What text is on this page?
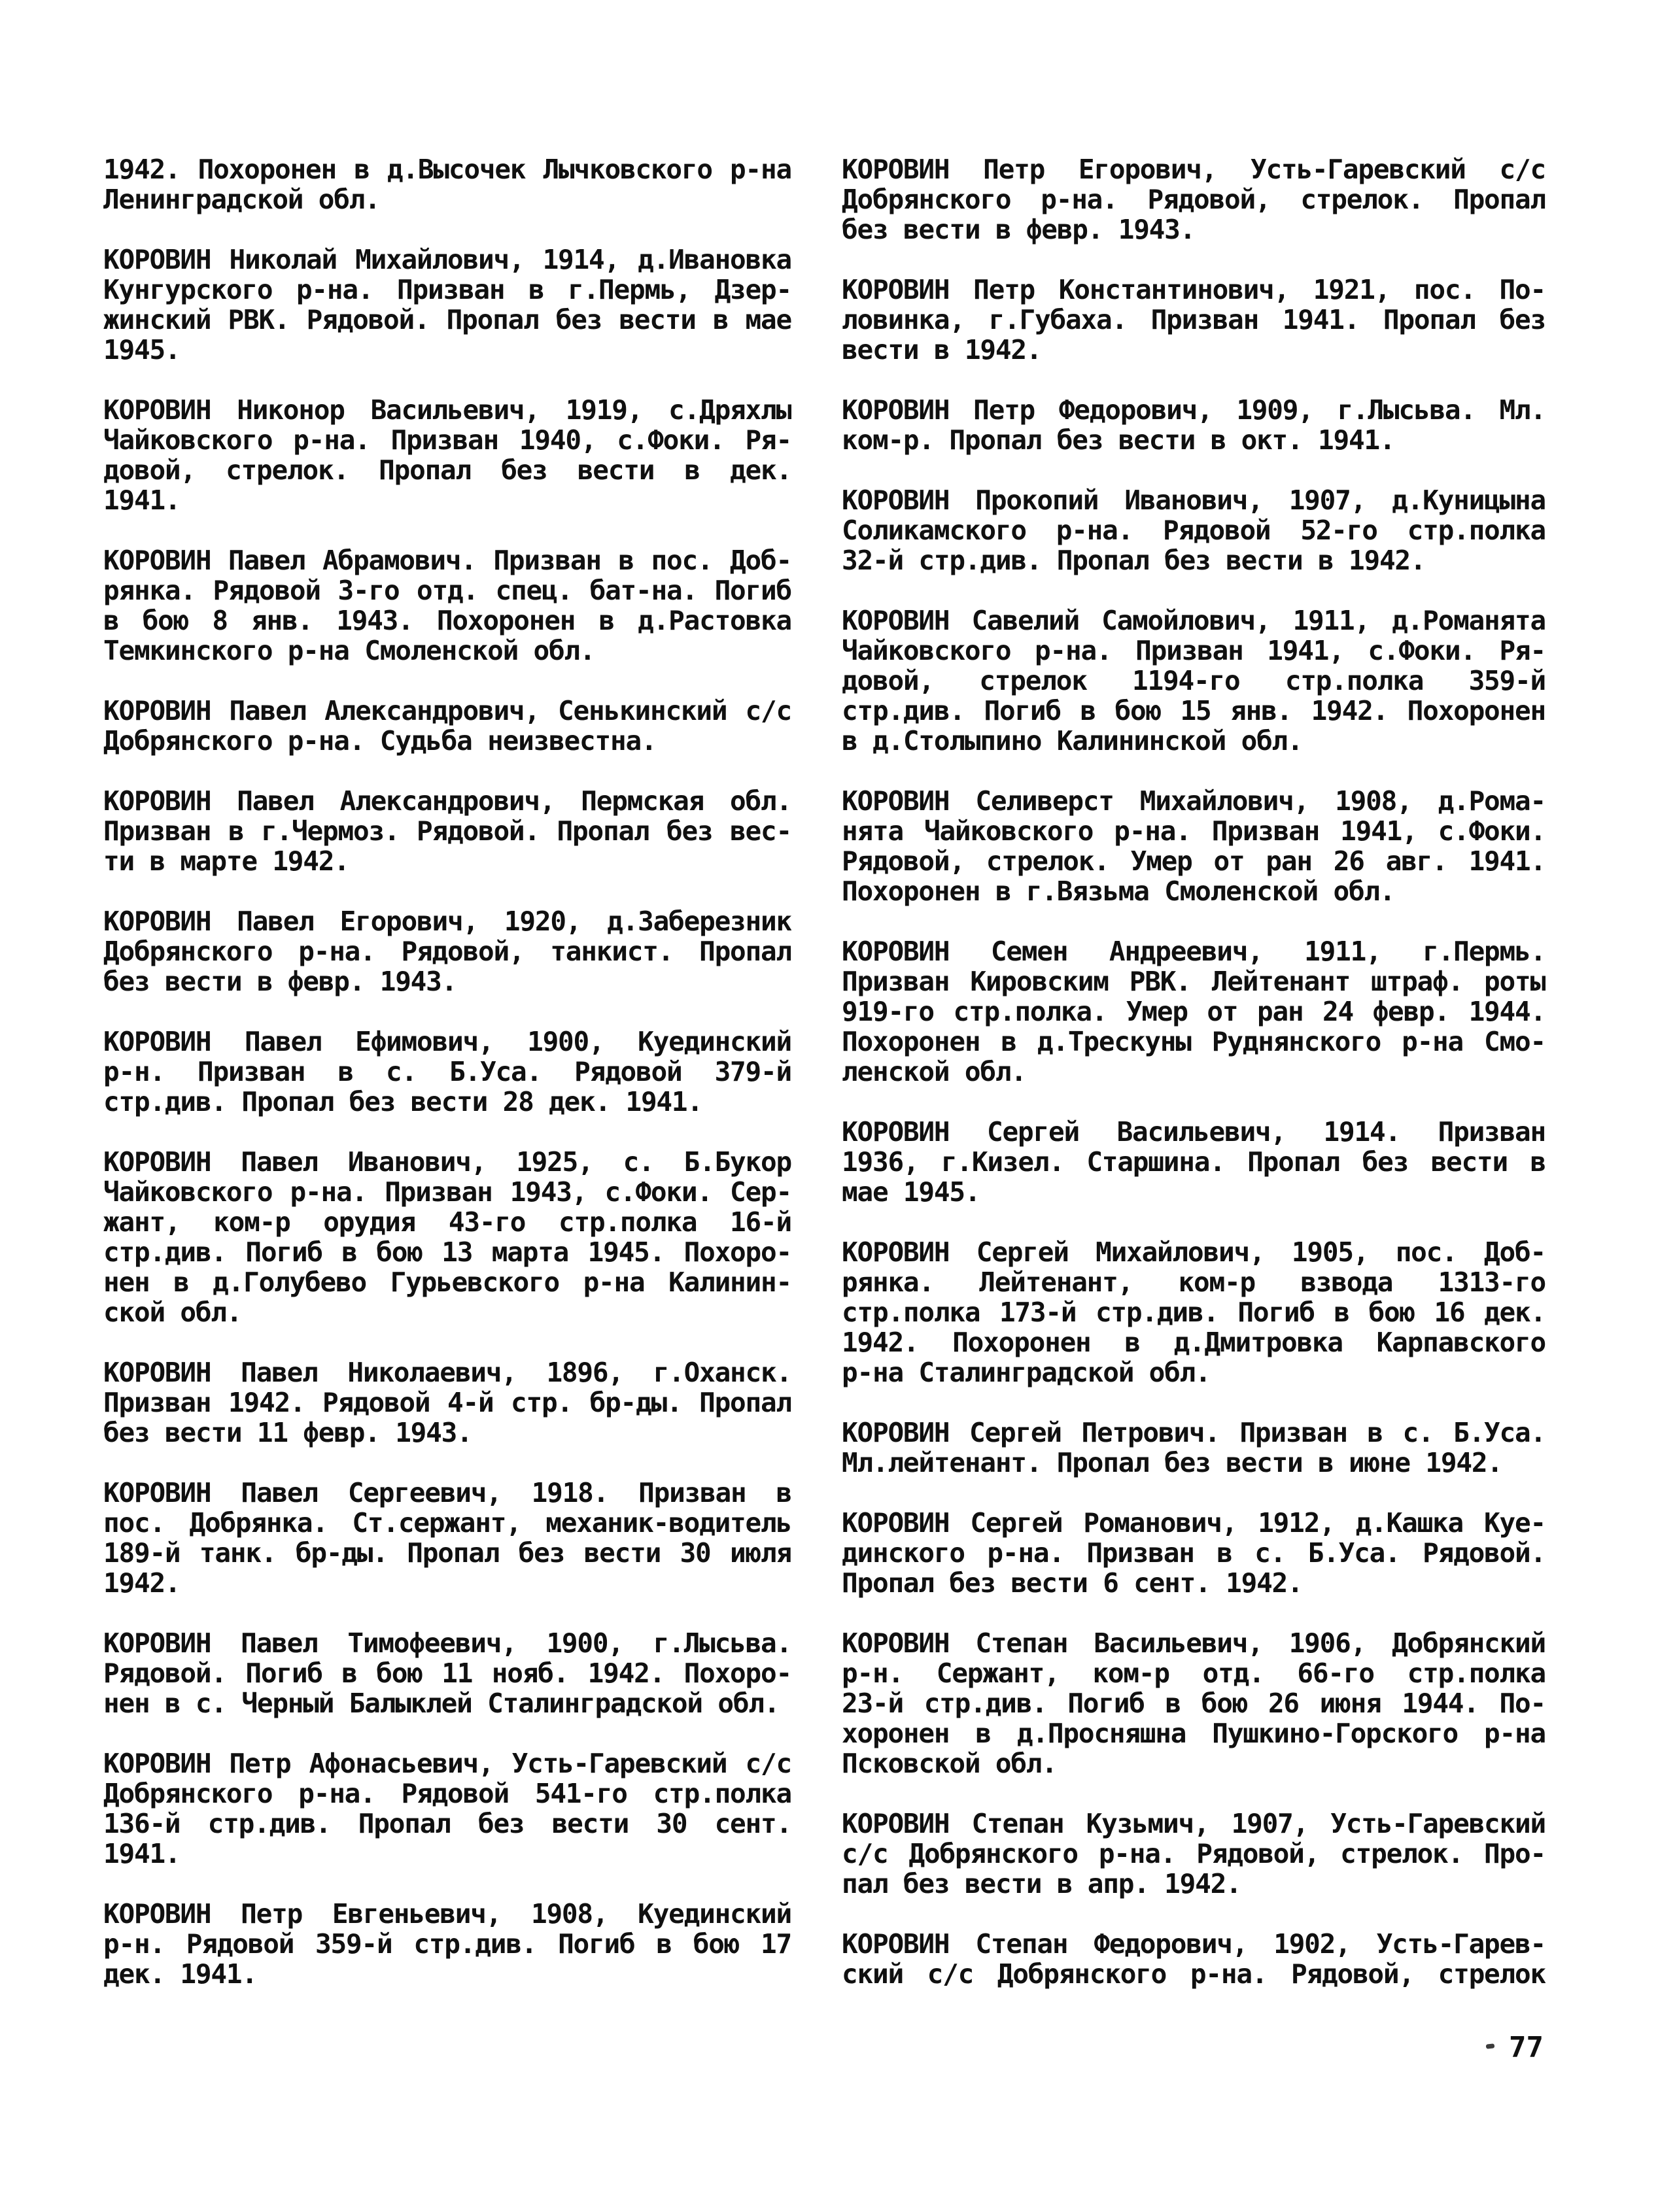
1942. Похоронен в д.Высочек Лычковского р-на
Ленинградской обл.
КОРОВИН Николай Михайлович, 1914, д.Ивановка
Кунгурского р-на. Призван в г.Пермь, Дзер-
жинский РВК. Рядовой. Пропал без вести в мае
1945.
КОРОВИН Никонор Васильевич, 1919, с.Дряхлы
Чайковского р-на. Призван 1940, с.Фоки. Ря-
довой, стрелок. Пропал без вести в дек.
1941.
КОРОВИН Павел Абрамович. Призван в пос. Доб-
рянка. Рядовой 3-го отд. спец. бат-на. Погиб
в бою 8 янв. 1943. Похоронен в д.Растовка
Темкинского р-на Смоленской обл.
КОРОВИН Павел Александрович, Сенькинский с/с
Добрянского р-на. Судьба неизвестна.
КОРОВИН Павел Александрович, Пермская обл.
Призван в г.Чермоз. Рядовой. Пропал без вес-
ти в марте 1942.
КОРОВИН Павел Егорович, 1920, д.Заберезник
Добрянского р-на. Рядовой, танкист. Пропал
без вести в февр. 1943.
КОРОВИН Павел Ефимович, 1900, Куединский
р-н. Призван в с. Б.Уса. Рядовой 379-й
стр.див. Пропал без вести 28 дек. 1941.
КОРОВИН Павел Иванович, 1925, с. Б.Букор
Чайковского р-на. Призван 1943, с.Фоки. Сер-
жант, ком-р орудия 43-го стр.полка 16-й
стр.див. Погиб в бою 13 марта 1945. Похоро-
нен в д.Голубево Гурьевского р-на Калинин-
ской обл.
КОРОВИН Павел Николаевич, 1896, г.Оханск.
Призван 1942. Рядовой 4-й стр. бр-ды. Пропал
без вести 11 февр. 1943.
КОРОВИН Павел Сергеевич, 1918. Призван в
пос. Добрянка. Ст.сержант, механик-водитель
189-й танк. бр-ды. Пропал без вести 30 июля
1942.
КОРОВИН Павел Тимофеевич, 1900, г.Лысьва.
Рядовой. Погиб в бою 11 нояб. 1942. Похоро-
нен в с. Черный Балыклей Сталинградской обл.
КОРОВИН Петр Афонасьевич, Усть-Гаревский с/с
Добрянского р-на. Рядовой 541-го стр.полка
136-й стр.див. Пропал без вести 30 сент.
1941.
КОРОВИН Петр Евгеньевич, 1908, Куединский
р-н. Рядовой 359-й стр.див. Погиб в бою 17
дек. 1941.
КОРОВИН Петр Егорович, Усть-Гаревский с/с
Добрянского р-на. Рядовой, стрелок. Пропал
без вести в февр. 1943.
КОРОВИН Петр Константинович, 1921, пос. По-
ловинка, г.Губаха. Призван 1941. Пропал без
вести в 1942.
КОРОВИН Петр Федорович, 1909, г.Лысьва. Мл.
ком-р. Пропал без вести в окт. 1941.
КОРОВИН Прокопий Иванович, 1907, д.Куницына
Соликамского р-на. Рядовой 52-го стр.полка
32-й стр.див. Пропал без вести в 1942.
КОРОВИН Савелий Самойлович, 1911, д.Романята
Чайковского р-на. Призван 1941, с.Фоки. Ря-
довой, стрелок 1194-го стр.полка 359-й
стр.див. Погиб в бою 15 янв. 1942. Похоронен
в д.Столыпино Калининской обл.
КОРОВИН Селиверст Михайлович, 1908, д.Рома-
нята Чайковского р-на. Призван 1941, с.Фоки.
Рядовой, стрелок. Умер от ран 26 авг. 1941.
Похоронен в г.Вязьма Смоленской обл.
КОРОВИН Семен Андреевич, 1911, г.Пермь.
Призван Кировским РВК. Лейтенант штраф. роты
919-го стр.полка. Умер от ран 24 февр. 1944.
Похоронен в д.Трескуны Руднянского р-на Смо-
ленской обл.
КОРОВИН Сергей Васильевич, 1914. Призван
1936, г.Кизел. Старшина. Пропал без вести в
мае 1945.
КОРОВИН Сергей Михайлович, 1905, пос. Доб-
рянка. Лейтенант, ком-р взвода 1313-го
стр.полка 173-й стр.див. Погиб в бою 16 дек.
1942. Похоронен в д.Дмитровка Карпавского
р-на Сталинградской обл.
КОРОВИН Сергей Петрович. Призван в с. Б.Уса.
Мл.лейтенант. Пропал без вести в июне 1942.
КОРОВИН Сергей Романович, 1912, д.Кашка Куе-
динского р-на. Призван в с. Б.Уса. Рядовой.
Пропал без вести 6 сент. 1942.
КОРОВИН Степан Васильевич, 1906, Добрянский
р-н. Сержант, ком-р отд. 66-го стр.полка
23-й стр.див. Погиб в бою 26 июня 1944. По-
хоронен в д.Просняшна Пушкино-Горского р-на
Псковской обл.
КОРОВИН Степан Кузьмич, 1907, Усть-Гаревский
с/с Добрянского р-на. Рядовой, стрелок. Про-
пал без вести в апр. 1942.
КОРОВИН Степан Федорович, 1902, Усть-Гарев-
ский с/с Добрянского р-на. Рядовой, стрелок
77
